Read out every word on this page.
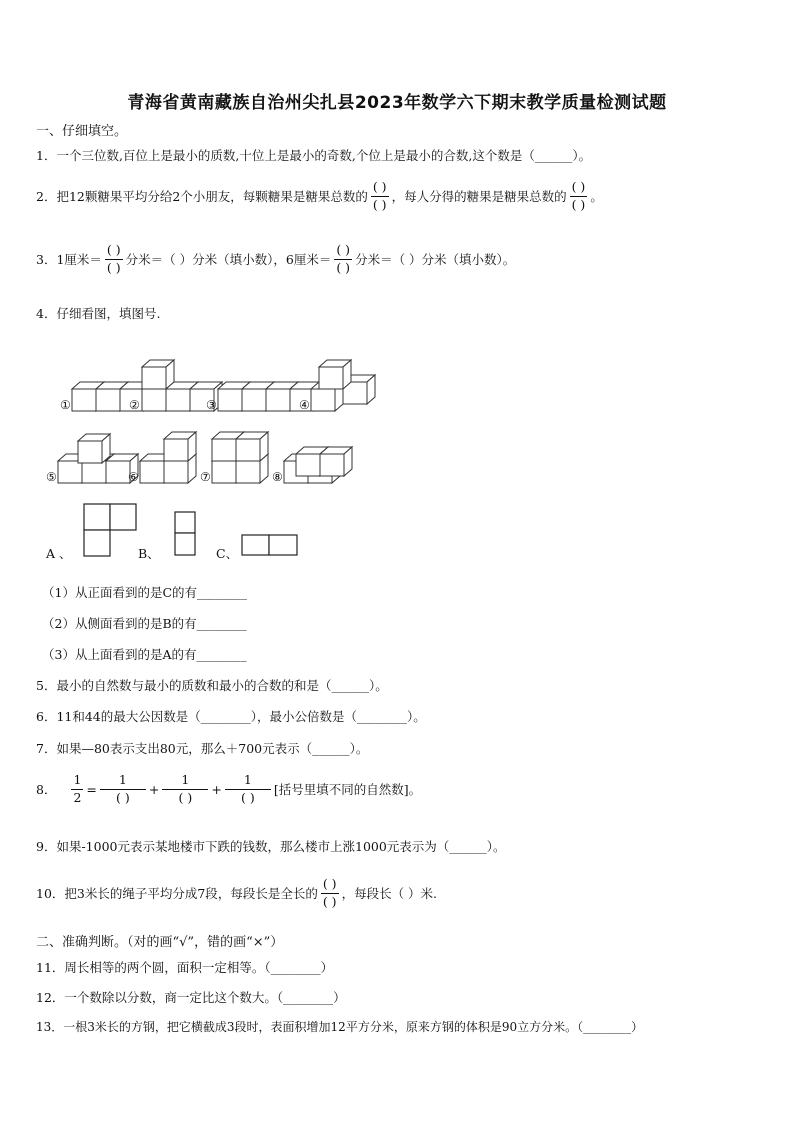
青海省黄南藏族自治州尖扎县2023年数学六下期末教学质量检测试题
一、仔细填空。
1． 一个三位数,百位上是最小的质数,十位上是最小的奇数,个位上是最小的合数,这个数是（______）。
2． 把12颗糖果平均分给2个小朋友，每颗糖果是糖果总数的 $\frac{( )}{( )}$ ，每人分得的糖果是糖果总数的 $\frac{( )}{( )}$ 。
3． 1厘米＝ $\frac{( )}{( )}$ 分米＝（ ）分米（填小数），6厘米＝ $\frac{( )}{( )}$ 分米＝（ ）分米（填小数）。
4． 仔细看图，填图号.
①	②	③	④
⑤	⑥	⑦	⑧
A 、	B、	C、
（1）从正面看到的是C的有________
（2）从侧面看到的是B的有________
（3）从上面看到的是A的有________
5． 最小的自然数与最小的质数和最小的合数的和是（______）。
6． 11和44的最大公因数是（________），最小公倍数是（________）。
7． 如果—80表示支出80元，那么＋700元表示（______）。
8． $\frac{1}{2} = \frac{1}{( )} + \frac{1}{( )} + \frac{1}{( )}$ [括号里填不同的自然数]。
9． 如果-1000元表示某地楼市下跌的钱数，那么楼市上涨1000元表示为（______）。
10． 把3米长的绳子平均分成7段，每段长是全长的 $\frac{( )}{( )}$ ，每段长（ ）米.
二、准确判断。（对的画“√”，错的画“×”）
11． 周长相等的两个圆，面积一定相等。（________）
12． 一个数除以分数，商一定比这个数大。（________）
13． 一根3米长的方钢，把它横截成3段时，表面积增加12平方分米，原来方钢的体积是90立方分米。（________）
